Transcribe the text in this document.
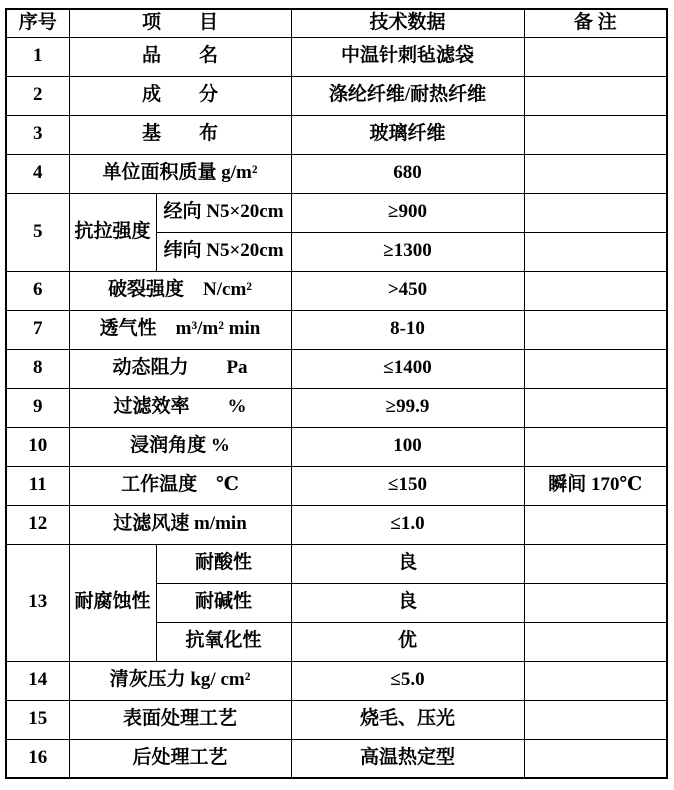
序号	项　　目		技术数据	备 注
1	品　　名		中温针刺毡滤袋	
2	成　　分		涤纶纤维/耐热纤维	
3	基　　布		玻璃纤维	
4	单位面积质量 g/m²		680	
5	抗拉强度	经向 N5×20cm	≥900	
		纬向 N5×20cm	≥1300	
6	破裂强度　N/cm²		>450	
7	透气性　m³/m² min		8-10	
8	动态阻力　　Pa		≤1400	
9	过滤效率　　%		≥99.9	
10	浸润角度 %		100	
11	工作温度　℃		≤150	瞬间 170℃
12	过滤风速 m/min		≤1.0	
13	耐腐蚀性	耐酸性	良	
		耐碱性	良	
		抗氧化性	优	
14	清灰压力 kg/ cm²		≤5.0	
15	表面处理工艺		烧毛、压光	
16	后处理工艺		高温热定型	
